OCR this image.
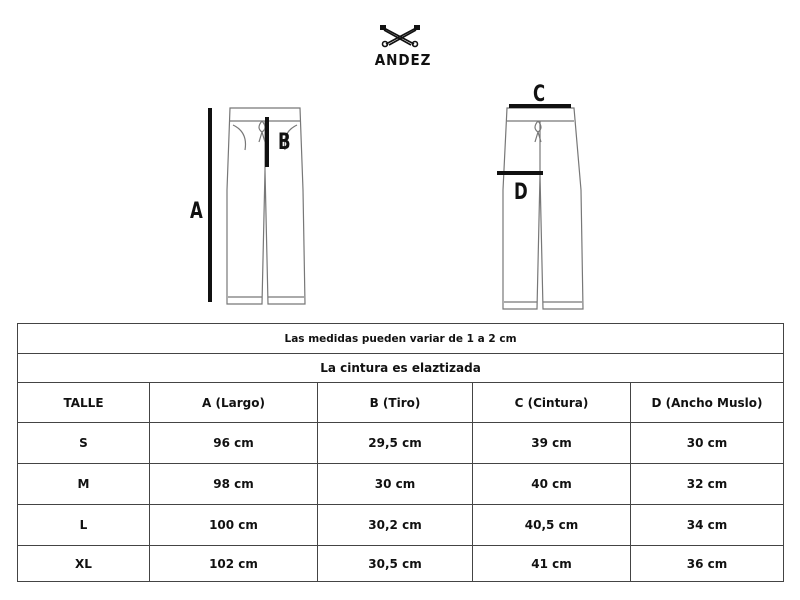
ANDEZ
A
B
C
D
Las medidas pueden variar de 1 a 2 cm				
La cintura es elaztizada				
TALLE	A (Largo)	B (Tiro)	C (Cintura)	D (Ancho Muslo)
S	96 cm	29,5 cm	39 cm	30 cm
M	98 cm	30 cm	40 cm	32 cm
L	100 cm	30,2 cm	40,5 cm	34 cm
XL	102 cm	30,5 cm	41 cm	36 cm
